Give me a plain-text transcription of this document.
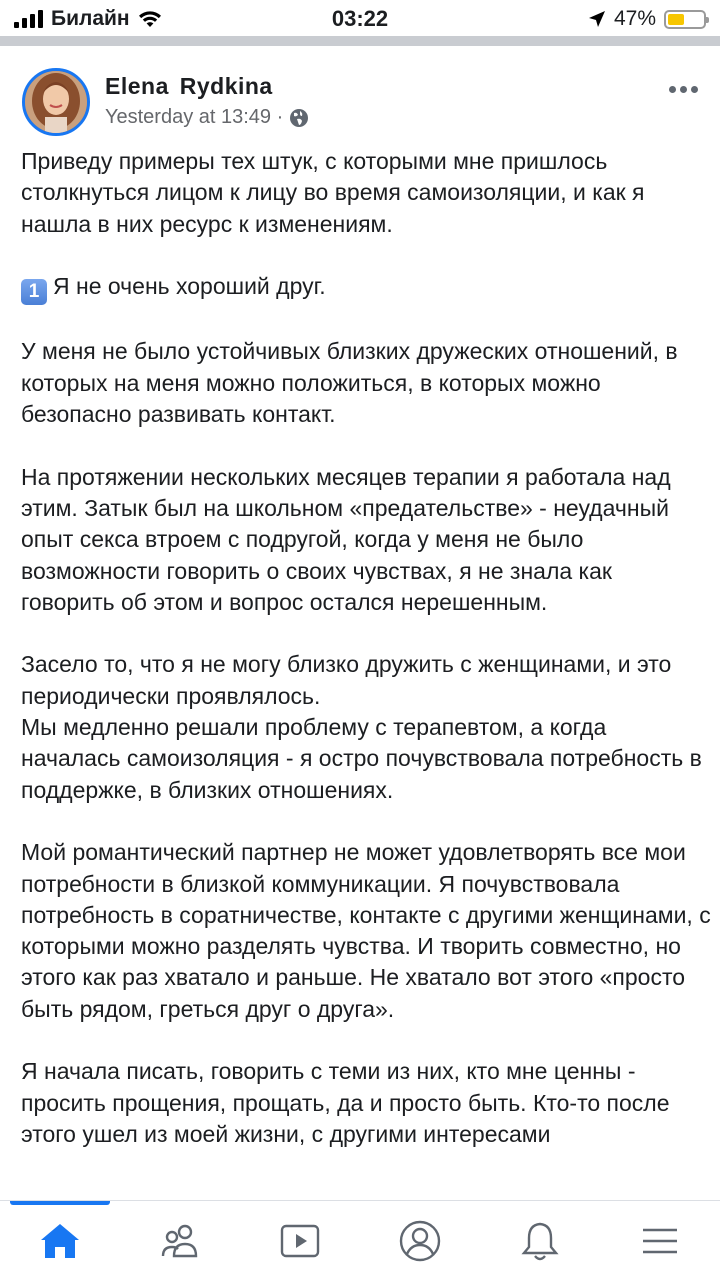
Билайн	03:22	47%
Elena Rydkina
Yesterday at 13:49 ·

Приведу примеры тех штук, с которыми мне пришлось столкнуться лицом к лицу во время самоизоляции, и как я нашла в них ресурс к изменениям.

1 Я не очень хороший друг.

У меня не было устойчивых близких дружеских отношений, в которых на меня можно положиться, в которых можно безопасно развивать контакт.

На протяжении нескольких месяцев терапии я работала над этим. Затык был на школьном «предательстве» - неудачный опыт секса втроем с подругой, когда у меня не было возможности говорить о своих чувствах, я не знала как говорить об этом и вопрос остался нерешенным.

Засело то, что я не могу близко дружить с женщинами, и это периодически проявлялось.
Мы медленно решали проблему с терапевтом, а когда началась самоизоляция - я остро почувствовала потребность в поддержке, в близких отношениях.

Мой романтический партнер не может удовлетворять все мои потребности в близкой коммуникации. Я почувствовала потребность в соратничестве, контакте с другими женщинами, с которыми можно разделять чувства. И творить совместно, но этого как раз хватало и раньше. Не хватало вот этого «просто быть рядом, греться друг о друга».

Я начала писать, говорить с теми из них, кто мне ценны - просить прощения, прощать, да и просто быть. Кто-то после этого ушел из моей жизни, с другими интересами
